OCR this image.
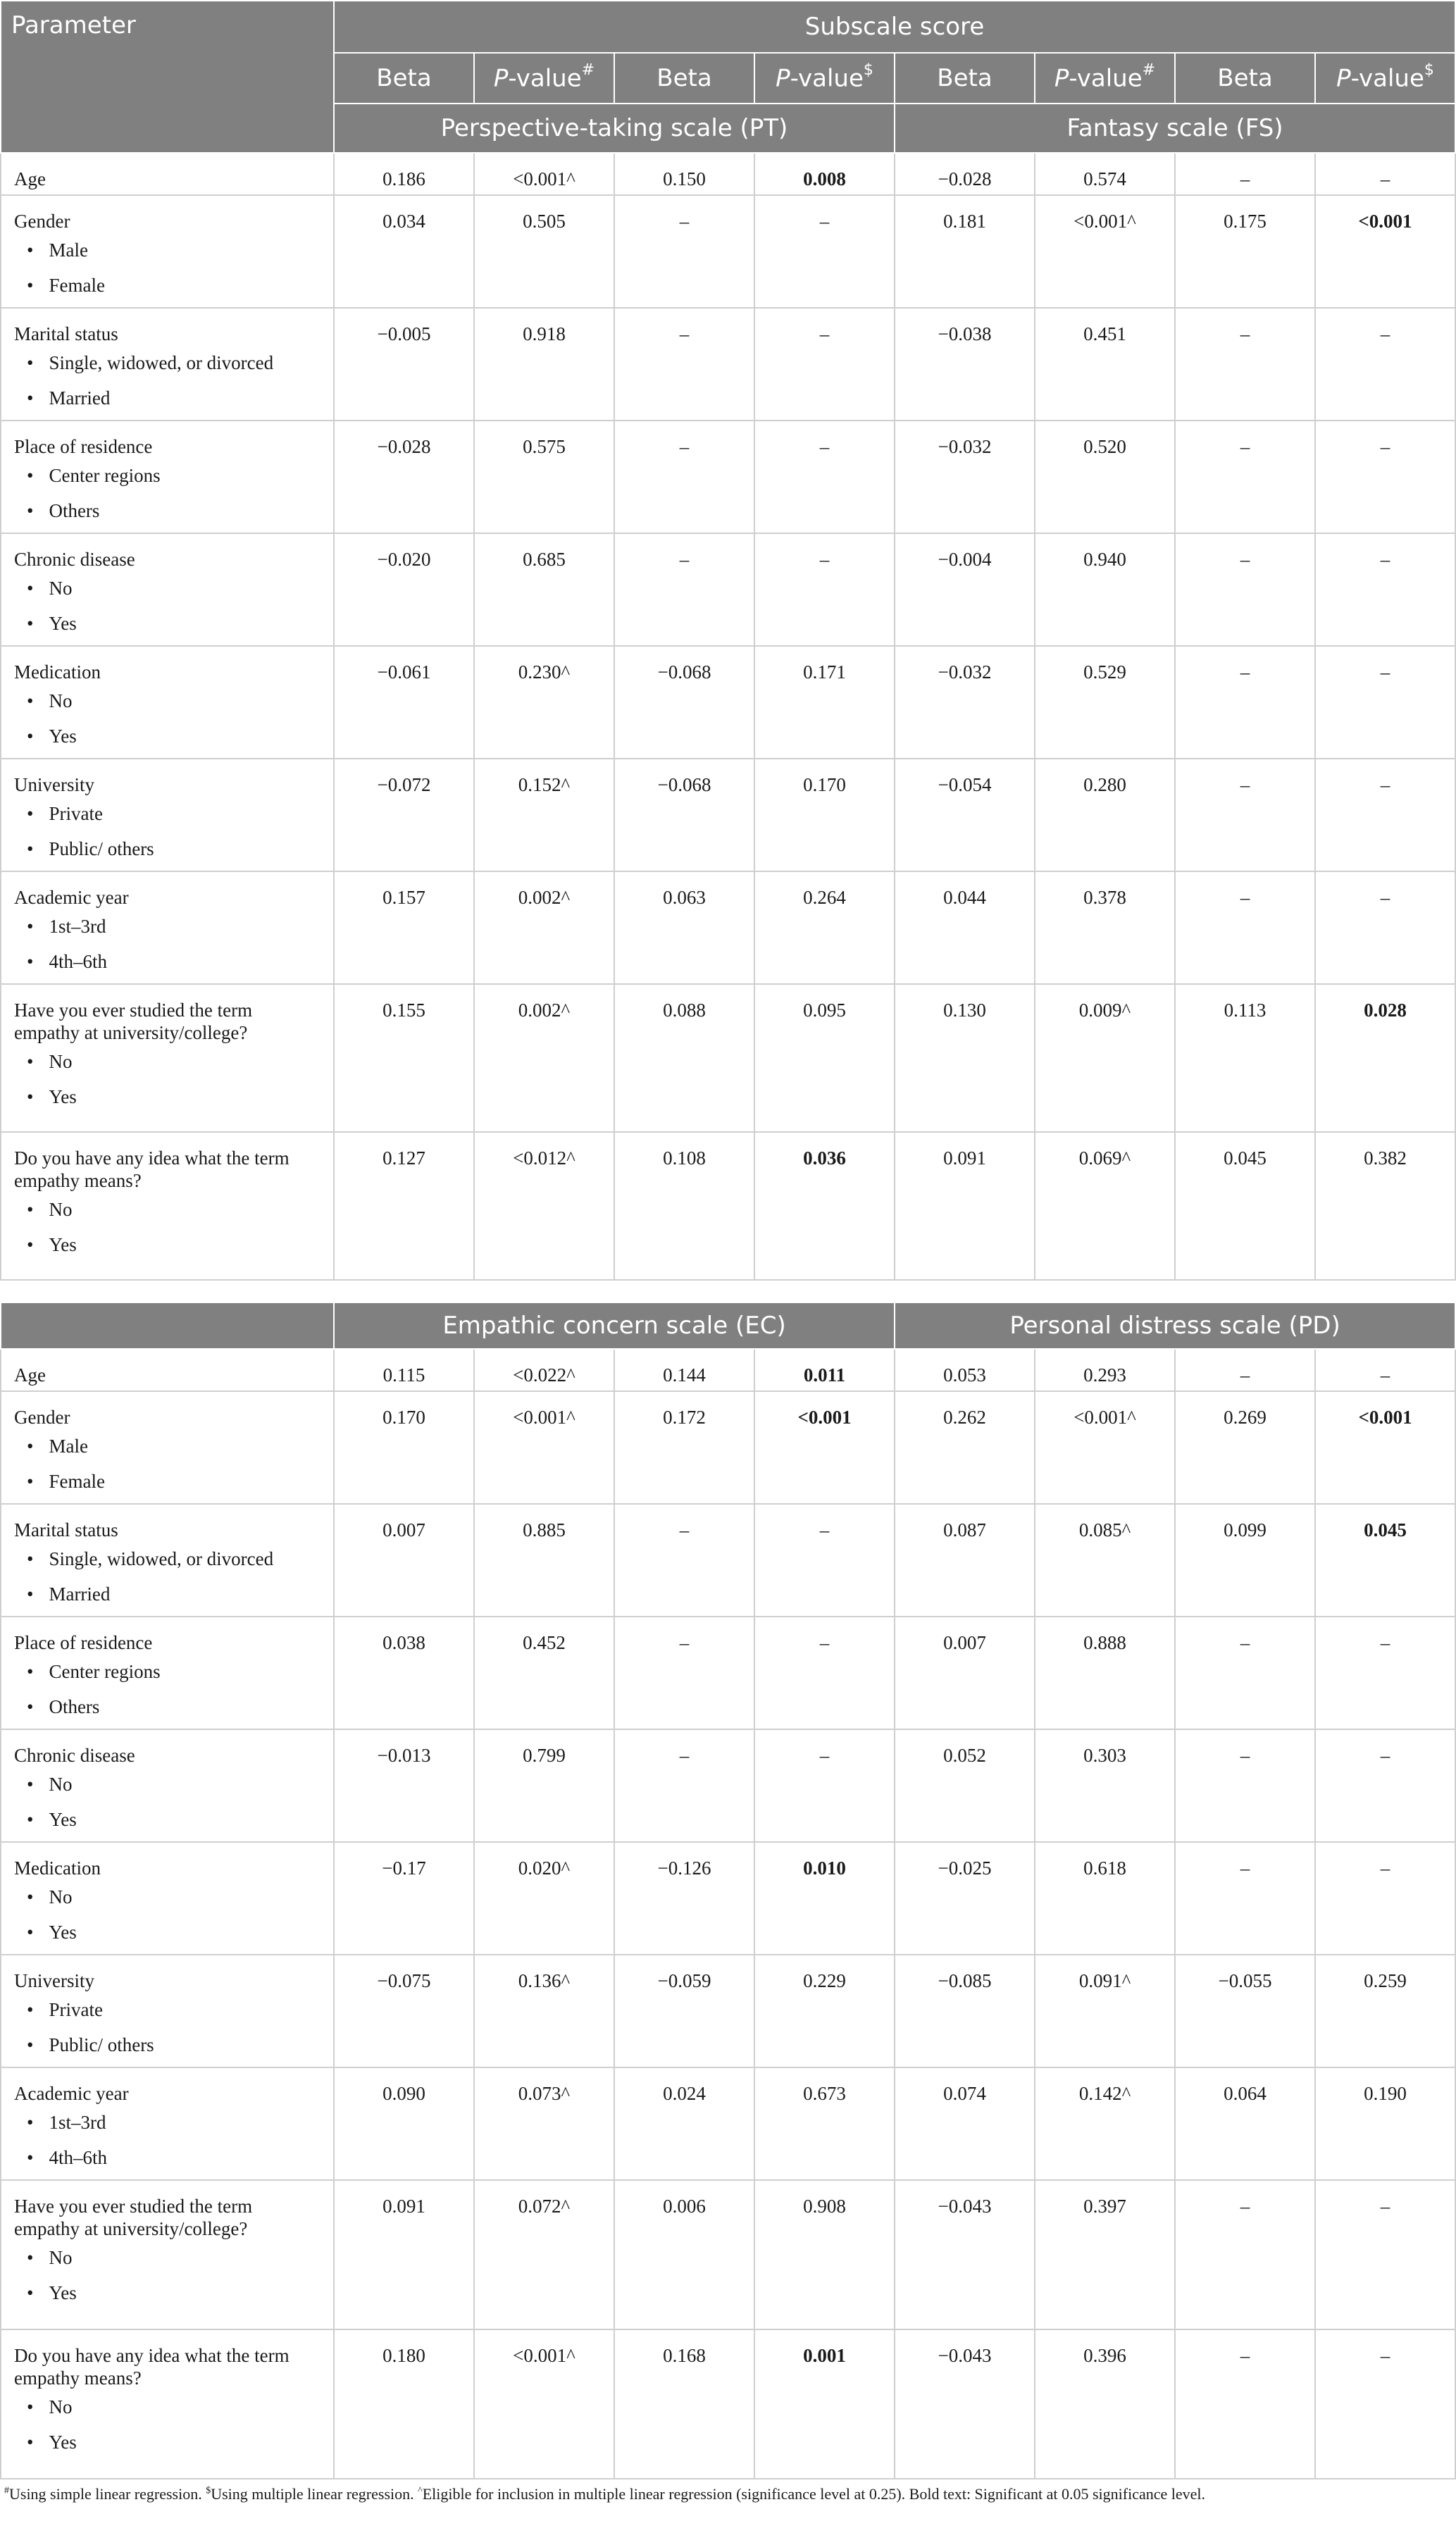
Parameter	Subscale score							
	Beta	P-value#	Beta	P-value$	Beta	P-value#	Beta	P-value$
	Perspective-taking scale (PT)				Fantasy scale (FS)			

Age	0.186	<0.001^	0.150	0.008	−0.028	0.574	–	–

Gender
• Male
• Female	0.034	0.505	–	–	0.181	<0.001^	0.175	<0.001

Marital status
• Single, widowed, or divorced
• Married	−0.005	0.918	–	–	−0.038	0.451	–	–

Place of residence
• Center regions
• Others	−0.028	0.575	–	–	−0.032	0.520	–	–

Chronic disease
• No
• Yes	−0.020	0.685	–	–	−0.004	0.940	–	–

Medication
• No
• Yes	−0.061	0.230^	−0.068	0.171	−0.032	0.529	–	–

University
• Private
• Public/ others	−0.072	0.152^	−0.068	0.170	−0.054	0.280	–	–

Academic year
• 1st–3rd
• 4th–6th	0.157	0.002^	0.063	0.264	0.044	0.378	–	–

Have you ever studied the term
empathy at university/college?
• No
• Yes	0.155	0.002^	0.088	0.095	0.130	0.009^	0.113	0.028

Do you have any idea what the term
empathy means?
• No
• Yes	0.127	<0.012^	0.108	0.036	0.091	0.069^	0.045	0.382
	Empathic concern scale (EC)				Personal distress scale (PD)			

Age	0.115	<0.022^	0.144	0.011	0.053	0.293	–	–

Gender
• Male
• Female	0.170	<0.001^	0.172	<0.001	0.262	<0.001^	0.269	<0.001

Marital status
• Single, widowed, or divorced
• Married	0.007	0.885	–	–	0.087	0.085^	0.099	0.045

Place of residence
• Center regions
• Others	0.038	0.452	–	–	0.007	0.888	–	–

Chronic disease
• No
• Yes	−0.013	0.799	–	–	0.052	0.303	–	–

Medication
• No
• Yes	−0.17	0.020^	−0.126	0.010	−0.025	0.618	–	–

University
• Private
• Public/ others	−0.075	0.136^	−0.059	0.229	−0.085	0.091^	−0.055	0.259

Academic year
• 1st–3rd
• 4th–6th	0.090	0.073^	0.024	0.673	0.074	0.142^	0.064	0.190

Have you ever studied the term
empathy at university/college?
• No
• Yes	0.091	0.072^	0.006	0.908	−0.043	0.397	–	–

Do you have any idea what the term
empathy means?
• No
• Yes	0.180	<0.001^	0.168	0.001	−0.043	0.396	–	–
#Using simple linear regression. $Using multiple linear regression. ^Eligible for inclusion in multiple linear regression (significance level at 0.25). Bold text: Significant at 0.05 significance level.
